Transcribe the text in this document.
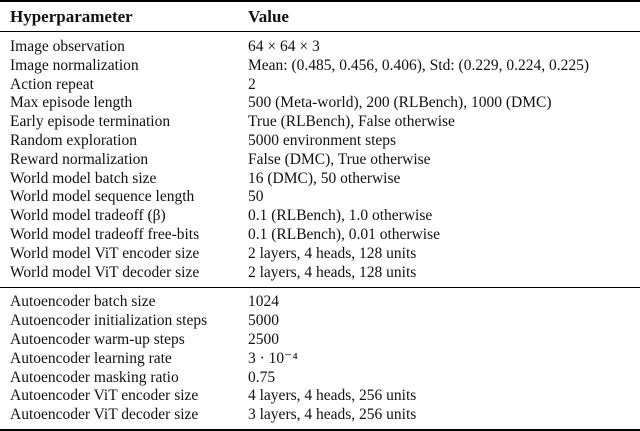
Hyperparameter	Value
Image observation	64 × 64 × 3
Image normalization	Mean: (0.485, 0.456, 0.406), Std: (0.229, 0.224, 0.225)
Action repeat	2
Max episode length	500 (Meta-world), 200 (RLBench), 1000 (DMC)
Early episode termination	True (RLBench), False otherwise
Random exploration	5000 environment steps
Reward normalization	False (DMC), True otherwise
World model batch size	16 (DMC), 50 otherwise
World model sequence length	50
World model tradeoff (β)	0.1 (RLBench), 1.0 otherwise
World model tradeoff free-bits	0.1 (RLBench), 0.01 otherwise
World model ViT encoder size	2 layers, 4 heads, 128 units
World model ViT decoder size	2 layers, 4 heads, 128 units
Autoencoder batch size	1024
Autoencoder initialization steps	5000
Autoencoder warm-up steps	2500
Autoencoder learning rate	3 · 10⁻⁴
Autoencoder masking ratio	0.75
Autoencoder ViT encoder size	4 layers, 4 heads, 256 units
Autoencoder ViT decoder size	3 layers, 4 heads, 256 units
